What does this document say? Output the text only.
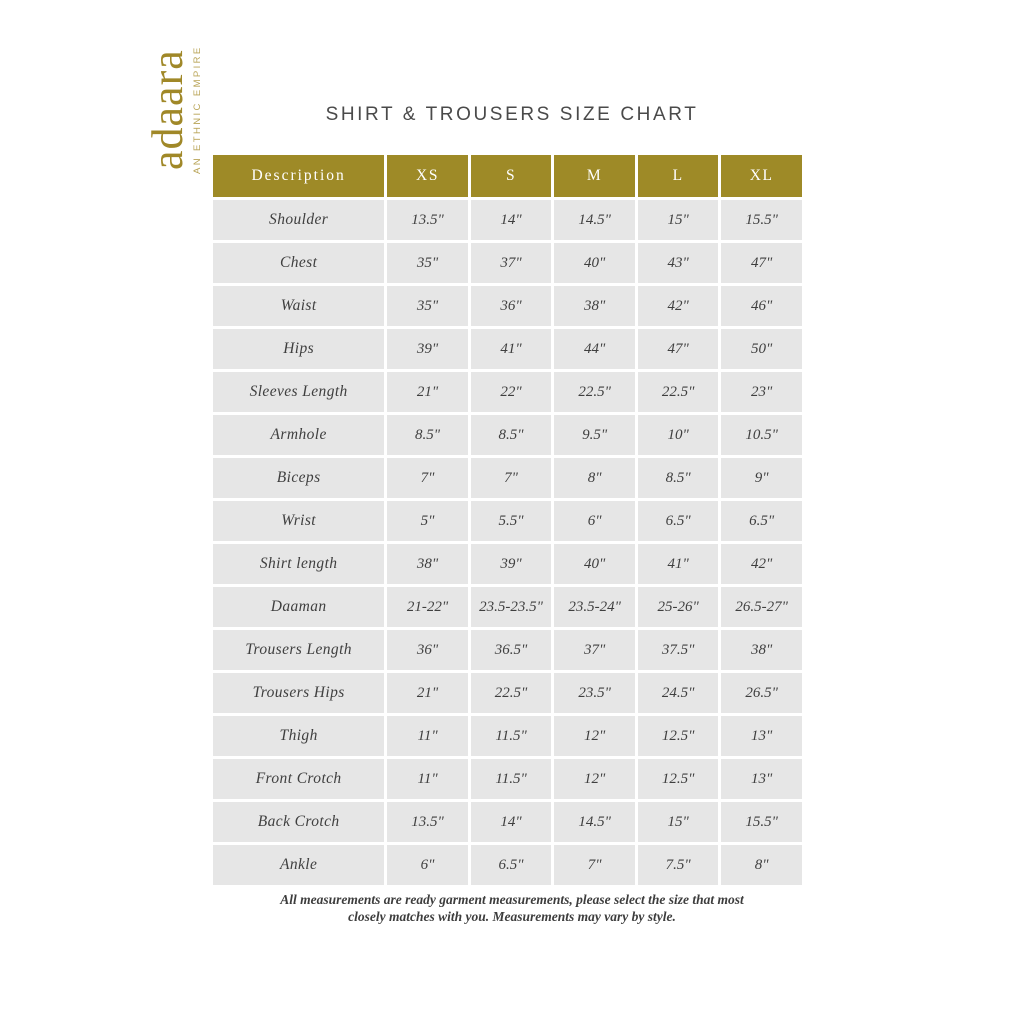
SHIRT & TROUSERS SIZE CHART
adaara AN ETHNIC EMPIRE
Description	XS	S	M	L	XL
Shoulder	13.5"	14"	14.5"	15"	15.5"
Chest	35"	37"	40"	43"	47"
Waist	35"	36"	38"	42"	46"
Hips	39"	41"	44"	47"	50"
Sleeves Length	21"	22"	22.5"	22.5"	23"
Armhole	8.5"	8.5"	9.5"	10"	10.5"
Biceps	7"	7"	8"	8.5"	9"
Wrist	5"	5.5"	6"	6.5"	6.5"
Shirt length	38"	39"	40"	41"	42"
Daaman	21-22"	23.5-23.5"	23.5-24"	25-26"	26.5-27"
Trousers Length	36"	36.5"	37"	37.5"	38"
Trousers Hips	21"	22.5"	23.5"	24.5"	26.5"
Thigh	11"	11.5"	12"	12.5"	13"
Front Crotch	11"	11.5"	12"	12.5"	13"
Back Crotch	13.5"	14"	14.5"	15"	15.5"
Ankle	6"	6.5"	7"	7.5"	8"
All measurements are ready garment measurements, please select the size that most
closely matches with you. Measurements may vary by style.
